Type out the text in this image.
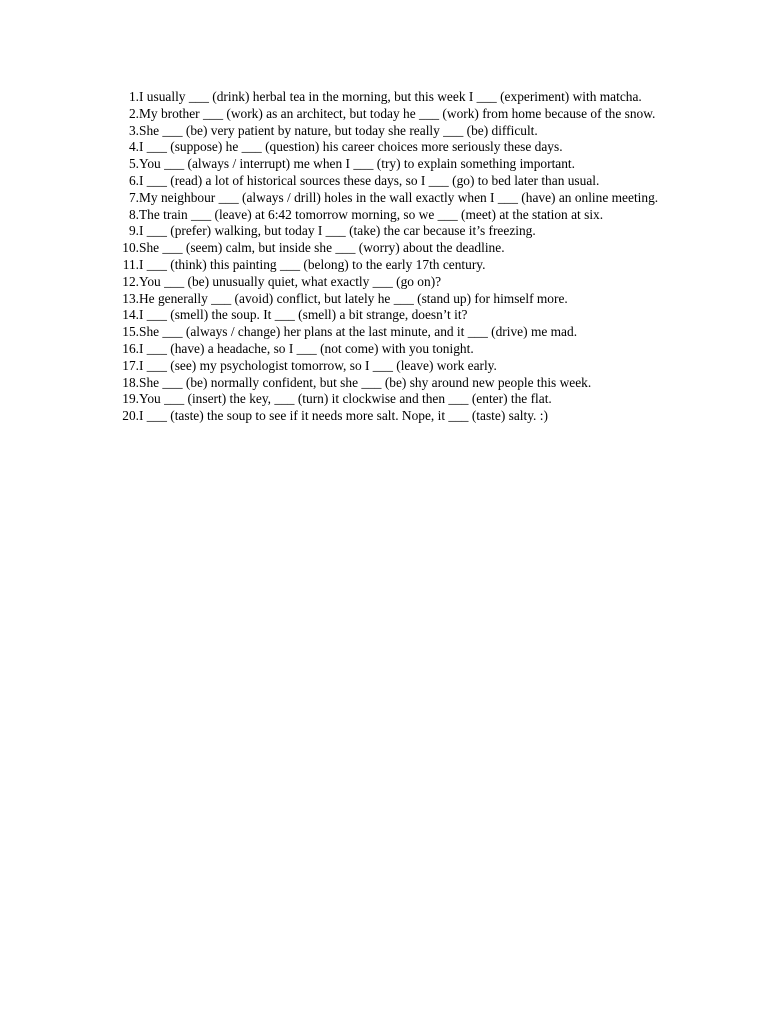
1. I usually ___ (drink) herbal tea in the morning, but this week I ___ (experiment) with matcha.
2. My brother ___ (work) as an architect, but today he ___ (work) from home because of the snow.
3. She ___ (be) very patient by nature, but today she really ___ (be) difficult.
4. I ___ (suppose) he ___ (question) his career choices more seriously these days.
5. You ___ (always / interrupt) me when I ___ (try) to explain something important.
6. I ___ (read) a lot of historical sources these days, so I ___ (go) to bed later than usual.
7. My neighbour ___ (always / drill) holes in the wall exactly when I ___ (have) an online meeting.
8. The train ___ (leave) at 6:42 tomorrow morning, so we ___ (meet) at the station at six.
9. I ___ (prefer) walking, but today I ___ (take) the car because it’s freezing.
10. She ___ (seem) calm, but inside she ___ (worry) about the deadline.
11. I ___ (think) this painting ___ (belong) to the early 17th century.
12. You ___ (be) unusually quiet, what exactly ___ (go on)?
13. He generally ___ (avoid) conflict, but lately he ___ (stand up) for himself more.
14. I ___ (smell) the soup. It ___ (smell) a bit strange, doesn’t it?
15. She ___ (always / change) her plans at the last minute, and it ___ (drive) me mad.
16. I ___ (have) a headache, so I ___ (not come) with you tonight.
17. I ___ (see) my psychologist tomorrow, so I ___ (leave) work early.
18. She ___ (be) normally confident, but she ___ (be) shy around new people this week.
19. You ___ (insert) the key, ___ (turn) it clockwise and then ___ (enter) the flat.
20. I ___ (taste) the soup to see if it needs more salt. Nope, it ___ (taste) salty. :)
